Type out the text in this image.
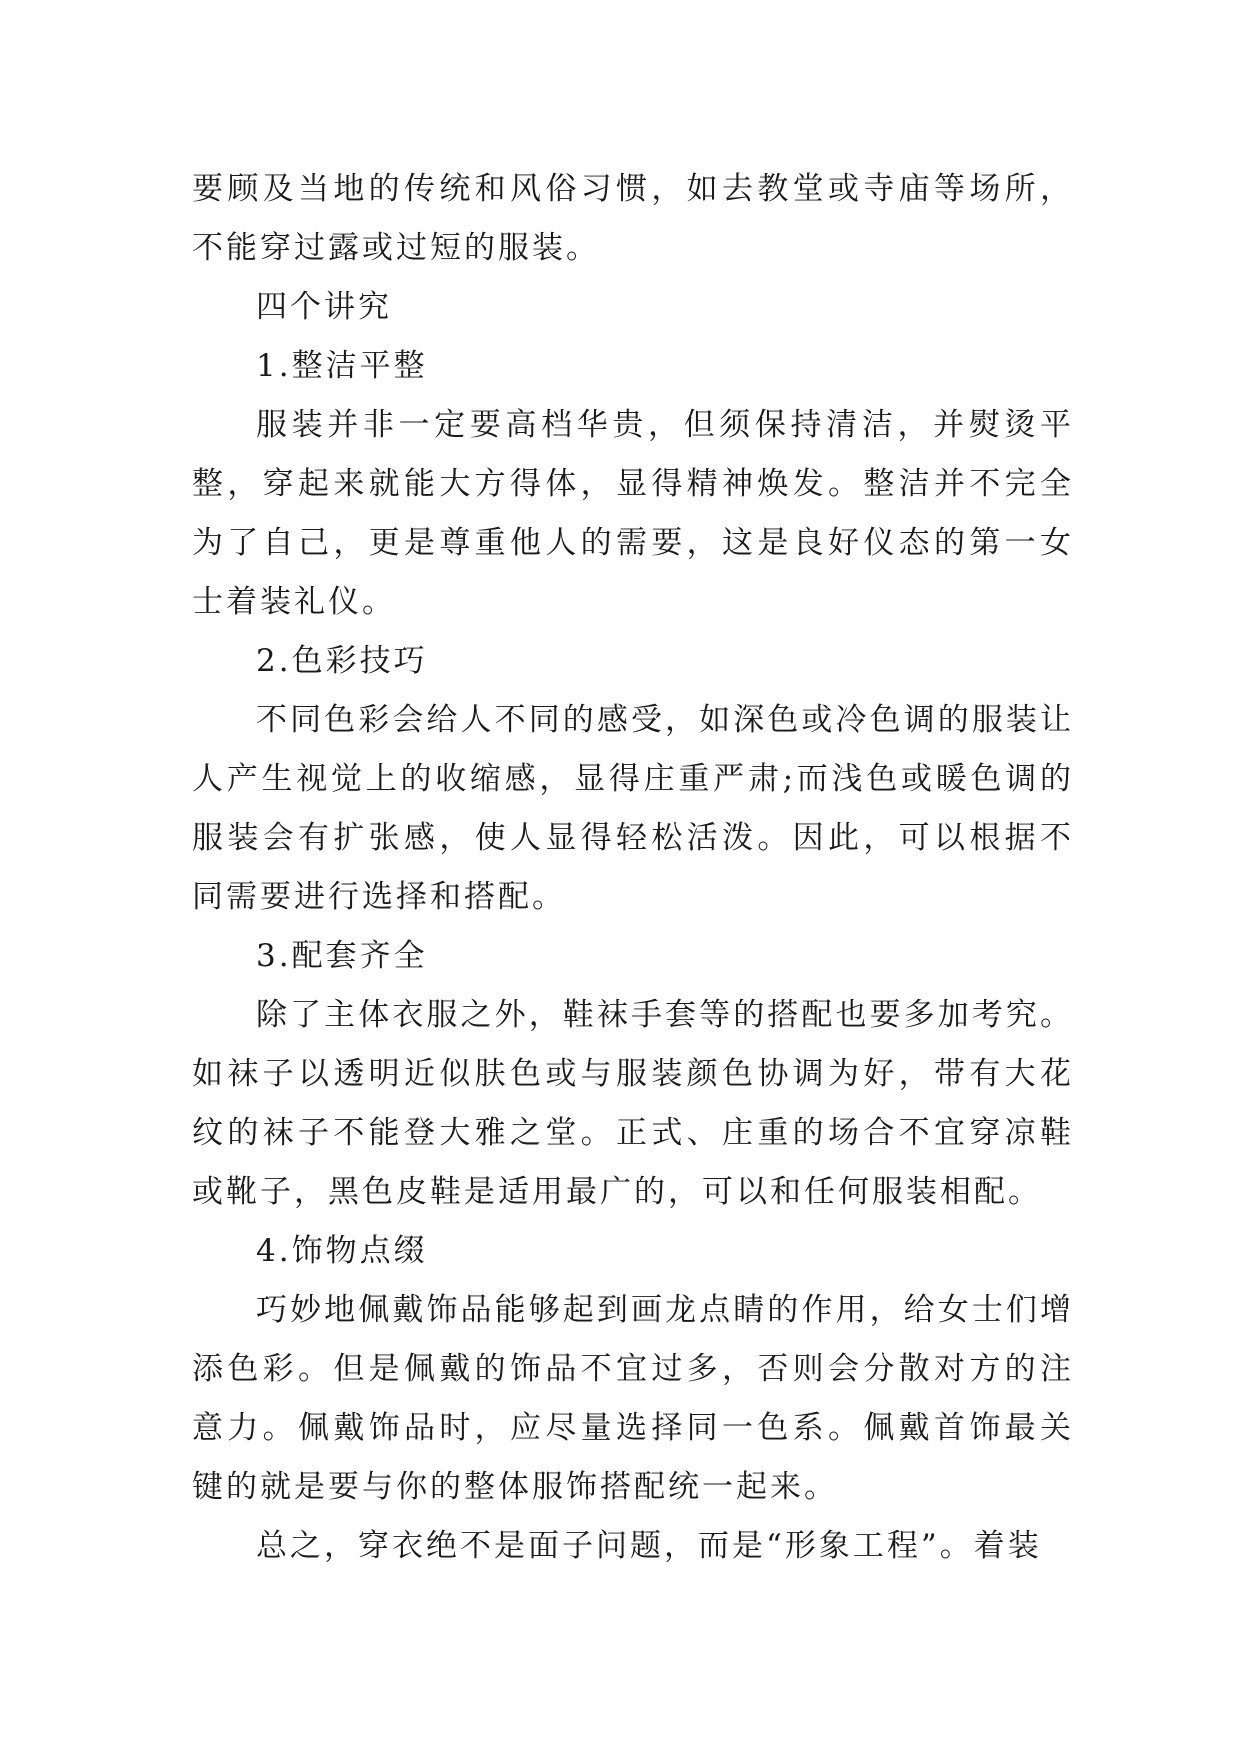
要顾及当地的传统和风俗习惯，如去教堂或寺庙等场所，不能穿过露或过短的服装。

四个讲究

1.整洁平整

服装并非一定要高档华贵，但须保持清洁，并熨烫平整，穿起来就能大方得体，显得精神焕发。整洁并不完全为了自己，更是尊重他人的需要，这是良好仪态的第一女士着装礼仪。

2.色彩技巧

不同色彩会给人不同的感受，如深色或冷色调的服装让人产生视觉上的收缩感，显得庄重严肃;而浅色或暖色调的服装会有扩张感，使人显得轻松活泼。因此，可以根据不同需要进行选择和搭配。

3.配套齐全

除了主体衣服之外，鞋袜手套等的搭配也要多加考究。如袜子以透明近似肤色或与服装颜色协调为好，带有大花纹的袜子不能登大雅之堂。正式、庄重的场合不宜穿凉鞋或靴子，黑色皮鞋是适用最广的，可以和任何服装相配。

4.饰物点缀

巧妙地佩戴饰品能够起到画龙点睛的作用，给女士们增添色彩。但是佩戴的饰品不宜过多，否则会分散对方的注意力。佩戴饰品时，应尽量选择同一色系。佩戴首饰最关键的就是要与你的整体服饰搭配统一起来。

总之，穿衣绝不是面子问题，而是“形象工程”。着装
